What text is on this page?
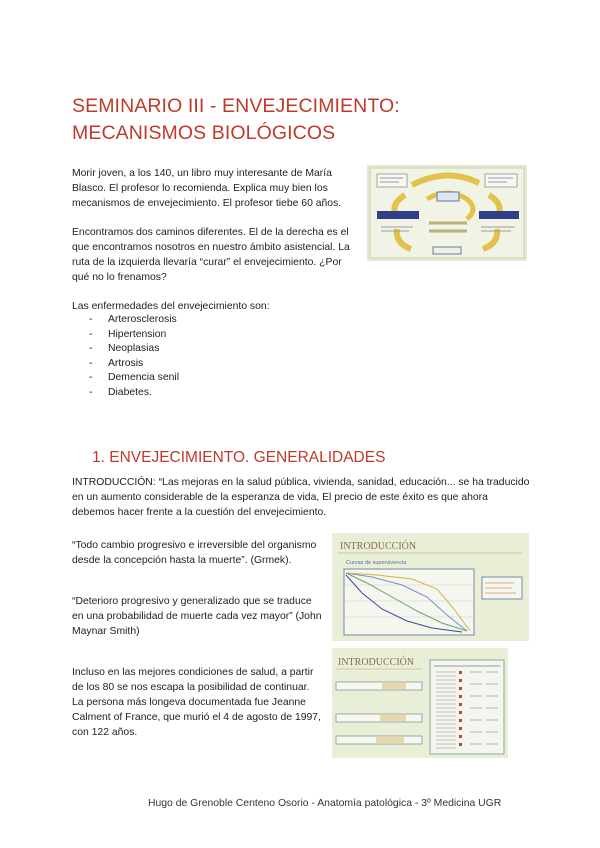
SEMINARIO III - ENVEJECIMIENTO:
MECANISMOS BIOLÓGICOS

Morir joven, a los 140, un libro muy interesante de María Blasco. El profesor lo recomienda. Explica muy bien los mecanismos de envejecimiento. El profesor tiebe 60 años.

Encontramos dos caminos diferentes. El de la derecha es el que encontramos nosotros en nuestro ámbito asistencial. La ruta de la izquierda llevaría “curar” el envejecimiento. ¿Por qué no lo frenamos?

Las enfermedades del envejecimiento son:

- Arterosclerosis
- Hipertension
- Neoplasias
- Artrosis
- Demencia senil
- Diabetes.
1. ENVEJECIMIENTO. GENERALIDADES

INTRODUCCIÓN: “Las mejoras en la salud pública, vivienda, sanidad, educación... se ha traducido en un aumento considerable de la esperanza de vida, El precio de este éxito es que ahora debemos hacer frente a la cuestión del envejecimiento.

“Todo cambio progresivo e irreversible del organismo desde la concepción hasta la muerte”. (Grmek).

“Deterioro progresivo y generalizado que se traduce en una probabilidad de muerte cada vez mayor” (John Maynar Smith)

Incluso en las mejores condiciones de salud, a partir de los 80 se nos escapa la posibilidad de continuar. La persona más longeva documentada fue Jeanne Calment of France, que murió el 4 de agosto de 1997, con 122 años.

INTRODUCCIÓN
Curvas de supervivencia
INTRODUCCIÓN
Hugo de Grenoble Centeno Osorio - Anatomía patológica - 3º Medicina UGR
